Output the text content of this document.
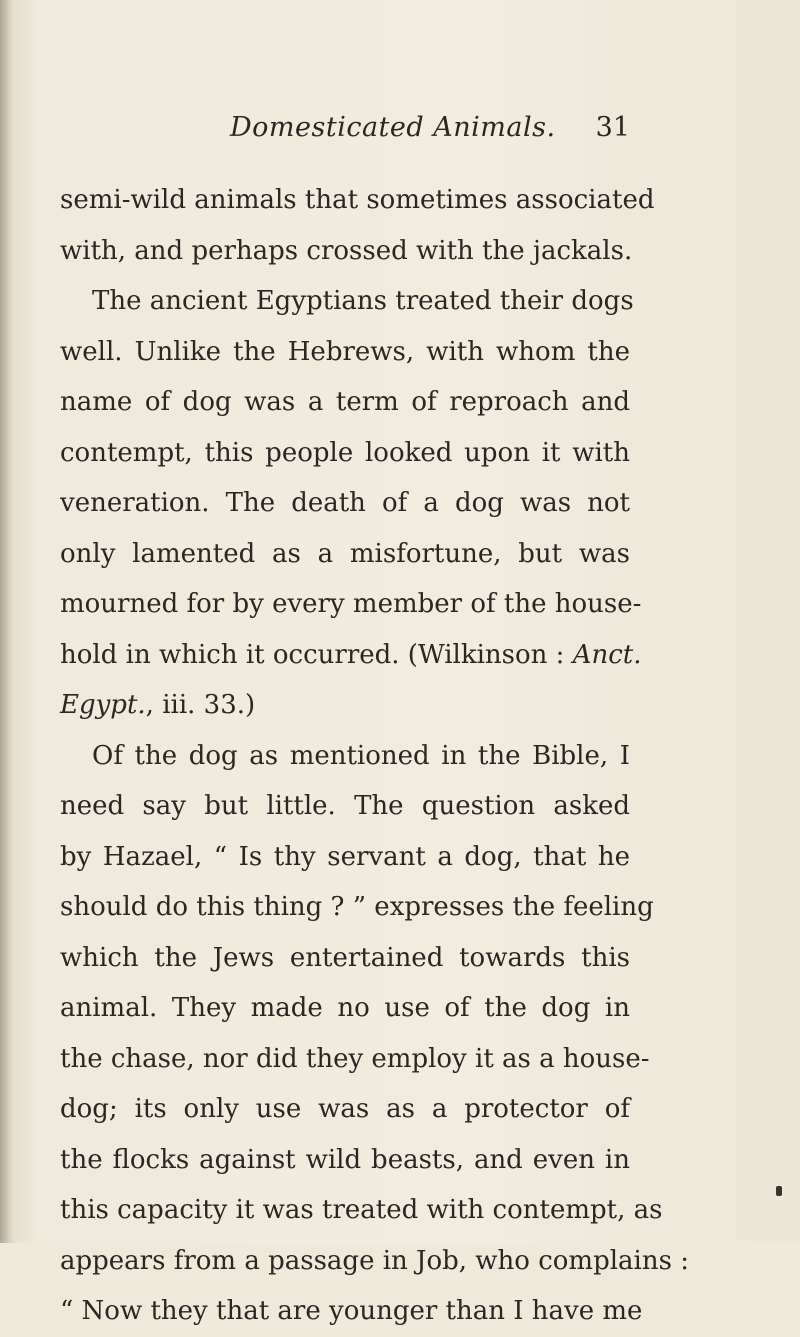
Domesticated Animals. 31
semi-wild animals that sometimes associated
with, and perhaps crossed with the jackals.
The ancient Egyptians treated their dogs
well. Unlike the Hebrews, with whom the
name of dog was a term of reproach and
contempt, this people looked upon it with
veneration. The death of a dog was not
only lamented as a misfortune, but was
mourned for by every member of the house-
hold in which it occurred. (Wilkinson : Anct.
Egypt., iii. 33.)
Of the dog as mentioned in the Bible, I
need say but little. The question asked
by Hazael, “ Is thy servant a dog, that he
should do this thing ? ” expresses the feeling
which the Jews entertained towards this
animal. They made no use of the dog in
the chase, nor did they employ it as a house-
dog; its only use was as a protector of
the flocks against wild beasts, and even in
this capacity it was treated with contempt, as
appears from a passage in Job, who complains :
“ Now they that are younger than I have me
